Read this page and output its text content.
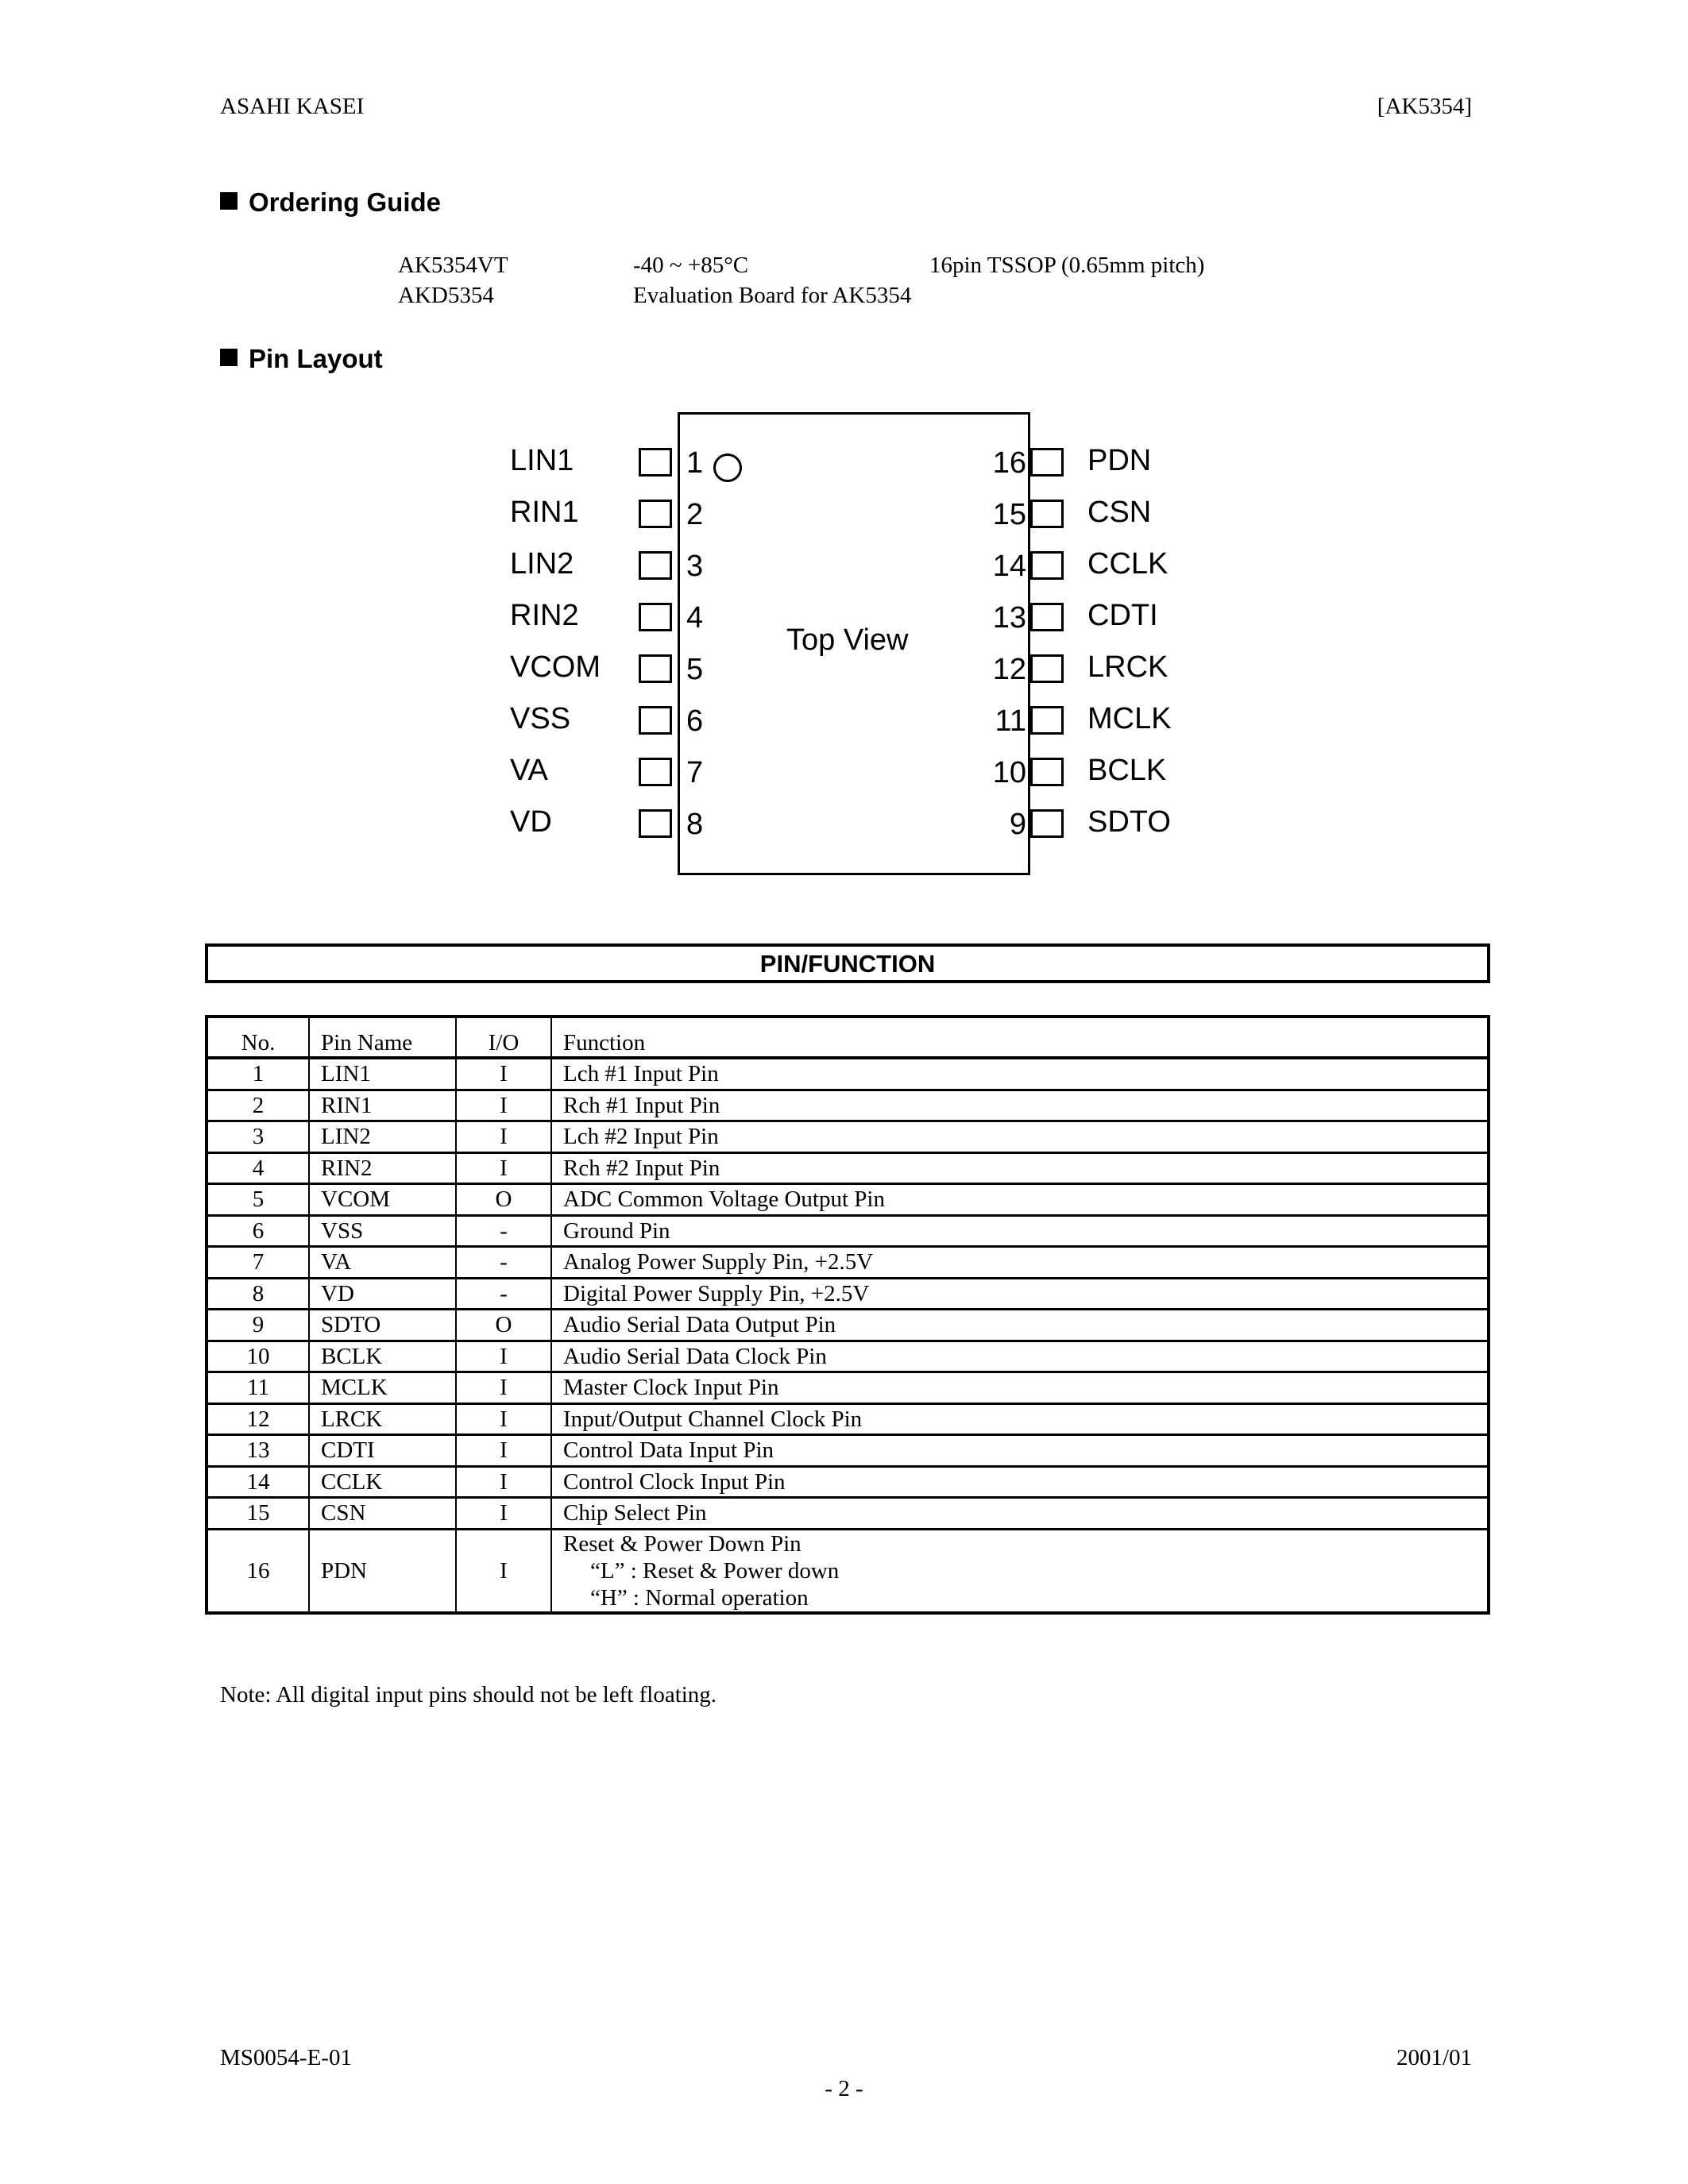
ASAHI KASEI	[AK5354]
Ordering Guide
AK5354VT	-40 ~ +85°C	16pin TSSOP (0.65mm pitch)
AKD5354	Evaluation Board for AK5354
Pin Layout
Top View
LIN1	1
RIN1	2
LIN2	3
RIN2	4
VCOM	5
VSS	6
VA	7
VD	8
16 PDN
15 CSN
14 CCLK
13 CDTI
12 LRCK
11 MCLK
10 BCLK
9 SDTO
PIN/FUNCTION
No.	Pin Name	I/O	Function
1	LIN1	I	Lch #1 Input Pin
2	RIN1	I	Rch #1 Input Pin
3	LIN2	I	Lch #2 Input Pin
4	RIN2	I	Rch #2 Input Pin
5	VCOM	O	ADC Common Voltage Output Pin
6	VSS	-	Ground Pin
7	VA	-	Analog Power Supply Pin, +2.5V
8	VD	-	Digital Power Supply Pin, +2.5V
9	SDTO	O	Audio Serial Data Output Pin
10	BCLK	I	Audio Serial Data Clock Pin
11	MCLK	I	Master Clock Input Pin
12	LRCK	I	Input/Output Channel Clock Pin
13	CDTI	I	Control Data Input Pin
14	CCLK	I	Control Clock Input Pin
15	CSN	I	Chip Select Pin
16	PDN	I	Reset & Power Down Pin
“L” : Reset & Power down
“H” : Normal operation
Note: All digital input pins should not be left floating.
MS0054-E-01	2001/01
- 2 -
